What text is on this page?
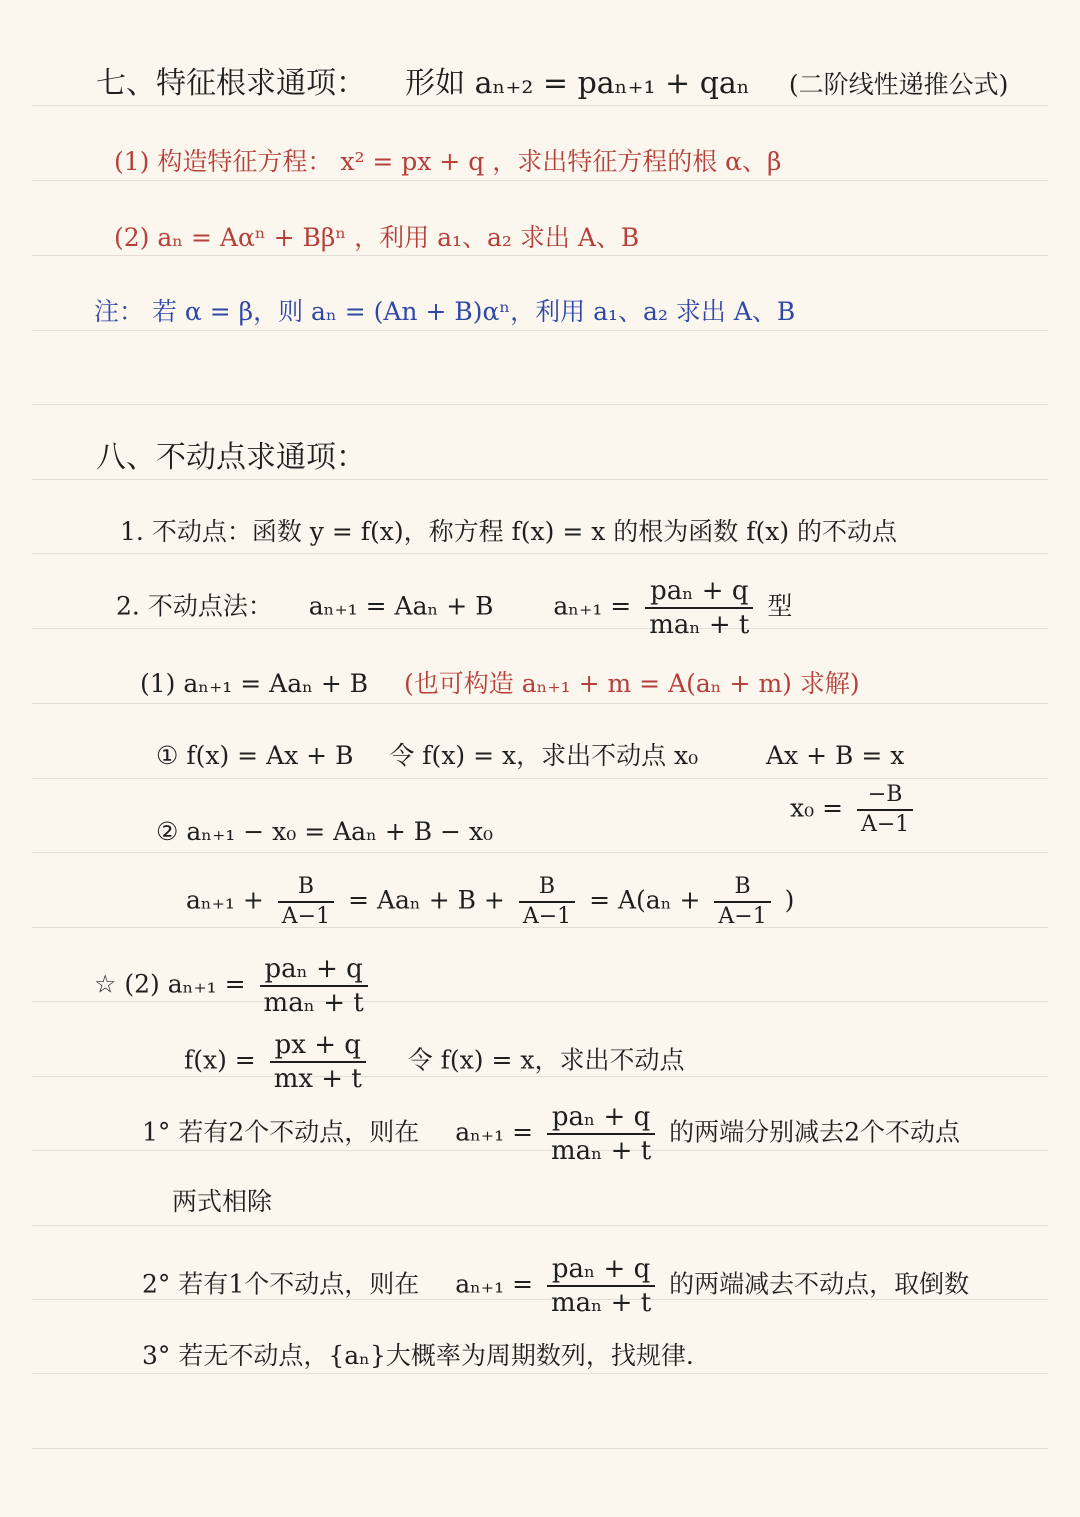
七、特征根求通项： 形如 aₙ₊₂ = paₙ₊₁ + qaₙ (二阶线性递推公式)
(1) 构造特征方程： x² = px + q ，求出特征方程的根 α、β
(2) aₙ = Aαⁿ + Bβⁿ ，利用 a₁、a₂ 求出 A、B
注： 若 α = β，则 aₙ = (An + B)αⁿ，利用 a₁、a₂ 求出 A、B
八、不动点求通项：
1. 不动点：函数 y = f(x)，称方程 f(x) = x 的根为函数 f(x) 的不动点
2. 不动点法： aₙ₊₁ = Aaₙ + B $a_{n+1} = \frac{\text{paₙ + q}}{\text{maₙ + t}}$ 型
(1) aₙ₊₁ = Aaₙ + B (也可构造 aₙ₊₁ + m = A(aₙ + m) 求解)
① f(x) = Ax + B 令 f(x) = x，求出不动点 x₀	Ax + B = x
$x_0 = \frac{-B}{A-1}$
② aₙ₊₁ − x₀ = Aaₙ + B − x₀
$a_{n+1} + \frac{B}{A-1} = Aa_n + B + \frac{B}{A-1} = A(a_n + \frac{B}{A-1}$ )
☆ (2) $a_{n+1} = \frac{\text{paₙ + q}}{\text{maₙ + t}}$
$f(x) = \frac{px + q}{mx + t}$ 令 f(x) = x，求出不动点
1° 若有2个不动点，则在 $a_{n+1} = \frac{\text{paₙ + q}}{\text{maₙ + t}}$ 的两端分别减去2个不动点
两式相除
2° 若有1个不动点，则在 $a_{n+1} = \frac{\text{paₙ + q}}{\text{maₙ + t}}$ 的两端减去不动点，取倒数
3° 若无不动点，{aₙ}大概率为周期数列，找规律.
